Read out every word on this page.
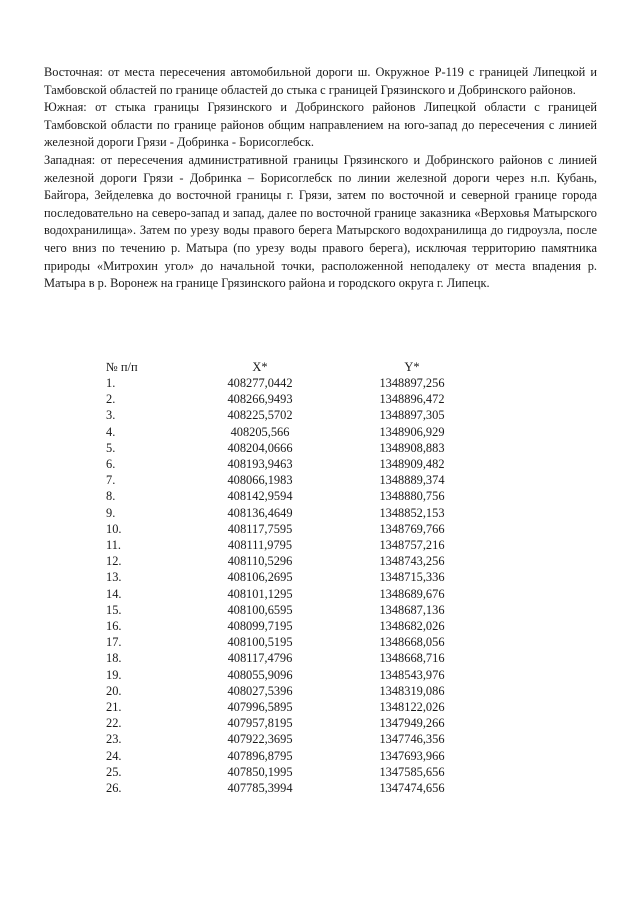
Восточная: от места пересечения автомобильной дороги ш. Окружное Р-119 с границей Липецкой и Тамбовской областей по границе областей до стыка с границей Грязинского и Добринского районов.

Южная: от стыка границы Грязинского и Добринского районов Липецкой области с границей Тамбовской области по границе районов общим направлением на юго-запад до пересечения с линией железной дороги Грязи - Добринка - Борисоглебск.

Западная: от пересечения административной границы Грязинского и Добринского районов с линией железной дороги Грязи - Добринка – Борисоглебск по линии железной дороги через н.п. Кубань, Байгора, Зейделевка до восточной границы г. Грязи, затем по восточной и северной границе города последовательно на северо-запад и запад, далее по восточной границе заказника «Верховья Матырского водохранилища». Затем по урезу воды правого берега Матырского водохранилища до гидроузла, после чего вниз по течению р. Матыра (по урезу воды правого берега), исключая территорию памятника природы «Митрохин угол» до начальной точки, расположенной неподалеку от места впадения р. Матыра в р. Воронеж на границе Грязинского района и городского округа г. Липецк.

№ п/п	X*	Y*
1.	408277,0442	1348897,256
2.	408266,9493	1348896,472
3.	408225,5702	1348897,305
4.	408205,566	1348906,929
5.	408204,0666	1348908,883
6.	408193,9463	1348909,482
7.	408066,1983	1348889,374
8.	408142,9594	1348880,756
9.	408136,4649	1348852,153
10.	408117,7595	1348769,766
11.	408111,9795	1348757,216
12.	408110,5296	1348743,256
13.	408106,2695	1348715,336
14.	408101,1295	1348689,676
15.	408100,6595	1348687,136
16.	408099,7195	1348682,026
17.	408100,5195	1348668,056
18.	408117,4796	1348668,716
19.	408055,9096	1348543,976
20.	408027,5396	1348319,086
21.	407996,5895	1348122,026
22.	407957,8195	1347949,266
23.	407922,3695	1347746,356
24.	407896,8795	1347693,966
25.	407850,1995	1347585,656
26.	407785,3994	1347474,656
